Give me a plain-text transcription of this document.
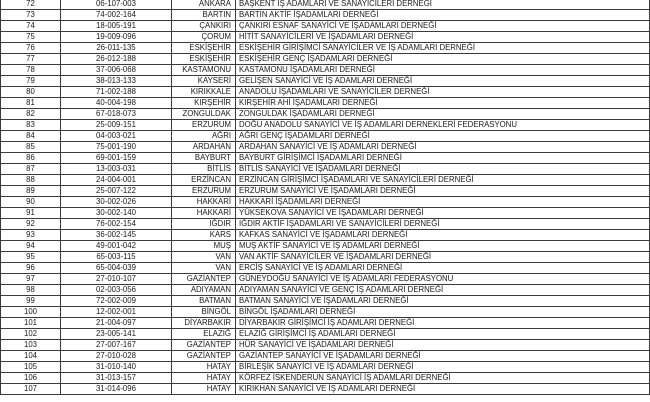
72	06-107-003	ANKARA	BAŞKENT İŞ ADAMLARI VE SANAYİCİLERİ DERNEĞİ
73	74-002-164	BARTIN	BARTIN AKTİF İŞADAMLARI DERNEĞİ
74	18-005-191	ÇANKIRI	ÇANKIRI ESNAF SANAYİCİ VE İŞADAMLARI DERNEĞİ
75	19-009-096	ÇORUM	HİTİT SANAYİCİLERİ VE İŞADAMLARI DERNEĞİ
76	26-011-135	ESKİŞEHİR	ESKİŞEHİR GİRİŞİMCİ SANAYİCİLER VE İŞ ADAMLARI DERNEĞİ
77	26-012-188	ESKİŞEHİR	ESKİŞEHİR GENÇ İŞADAMLARI DERNEĞİ
78	37-006-068	KASTAMONU	KASTAMONU İŞADAMLARI DERNEĞİ
79	38-013-133	KAYSERİ	GELİŞEN SANAYİCİ VE İŞ ADAMLARI DERNEĞİ
80	71-002-188	KIRIKKALE	ANADOLU İŞADAMLARI VE SANAYİCİLER DERNEĞİ
81	40-004-198	KIRŞEHİR	KIRŞEHİR AHİ İŞADAMLARI DERNEĞİ
82	67-018-073	ZONGULDAK	ZONGULDAK İŞADAMLARI DERNEĞİ
83	25-009-151	ERZURUM	DOĞU ANADOLU SANAYİCİ VE İŞ ADAMLARI DERNEKLERİ FEDERASYONU
84	04-003-021	AĞRI	AĞRI GENÇ İŞADAMLARI DERNEĞİ
85	75-001-190	ARDAHAN	ARDAHAN SANAYİCİ VE İŞ ADAMLARI DERNEĞİ
86	69-001-159	BAYBURT	BAYBURT GİRİŞİMCİ İŞADAMLARI DERNEĞİ
87	13-003-031	BİTLİS	BİTLİS SANAYİCİ VE İŞADAMLARI DERNEĞİ
88	24-004-001	ERZİNCAN	ERZİNCAN GİRİŞİMCİ İŞADAMLARI VE SANAYİCİLERİ DERNEĞİ
89	25-007-122	ERZURUM	ERZURUM SANAYİCİ VE İŞADAMLARI DERNEĞİ
90	30-002-026	HAKKARİ	HAKKARİ İŞADAMLARI DERNEĞİ
91	30-002-140	HAKKARİ	YÜKSEKOVA SANAYİCİ VE İŞADAMLARI DERNEĞİ
92	76-002-154	IĞDIR	IĞDIR AKTİF İŞADAMLARI VE SANAYİCİLERİ DERNEĞİ
93	36-002-145	KARS	KAFKAS SANAYİCİ VE İŞADAMLARI DERNEĞİ
94	49-001-042	MUŞ	MUŞ AKTİF SANAYİCİ VE İŞ ADAMLARI DERNEĞİ
95	65-003-115	VAN	VAN AKTİF SANAYİCİLER VE İŞADAMLARI DERNEĞİ
96	65-004-039	VAN	ERCİŞ SANAYİCİ VE İŞ ADAMLARI DERNEĞİ
97	27-010-107	GAZİANTEP	GÜNEYDOĞU SANAYİCİ VE İŞ ADAMLARI FEDERASYONU
98	02-003-056	ADIYAMAN	ADIYAMAN SANAYİCİ VE GENÇ İŞ ADAMLARI DERNEĞİ
99	72-002-009	BATMAN	BATMAN SANAYİCİ VE İŞADAMLARI DERNEĞİ
100	12-002-001	BİNGÖL	BİNGÖL İŞADAMLARI DERNEĞİ
101	21-004-097	DİYARBAKIR	DİYARBAKIR GİRİŞİMCİ İŞ ADAMLARI DERNEĞİ
102	23-005-141	ELAZIĞ	ELAZIĞ GİRİŞİMCİ İŞ ADAMLARI DERNEĞİ
103	27-007-167	GAZİANTEP	HÜR SANAYİCİ VE İŞADAMLARI DERNEĞİ
104	27-010-028	GAZİANTEP	GAZİANTEP SANAYİCİ VE İŞADAMLARI DERNEĞİ
105	31-010-140	HATAY	BİRLEŞİK SANAYİCİ VE İŞ ADAMLARI DERNEĞİ
106	31-013-157	HATAY	KÖRFEZ İSKENDERUN SANAYİCİ İŞ ADAMLARI DERNEĞİ
107	31-014-096	HATAY	KIRIKHAN SANAYİCİ VE İŞ ADAMLARI DERNEĞİ
